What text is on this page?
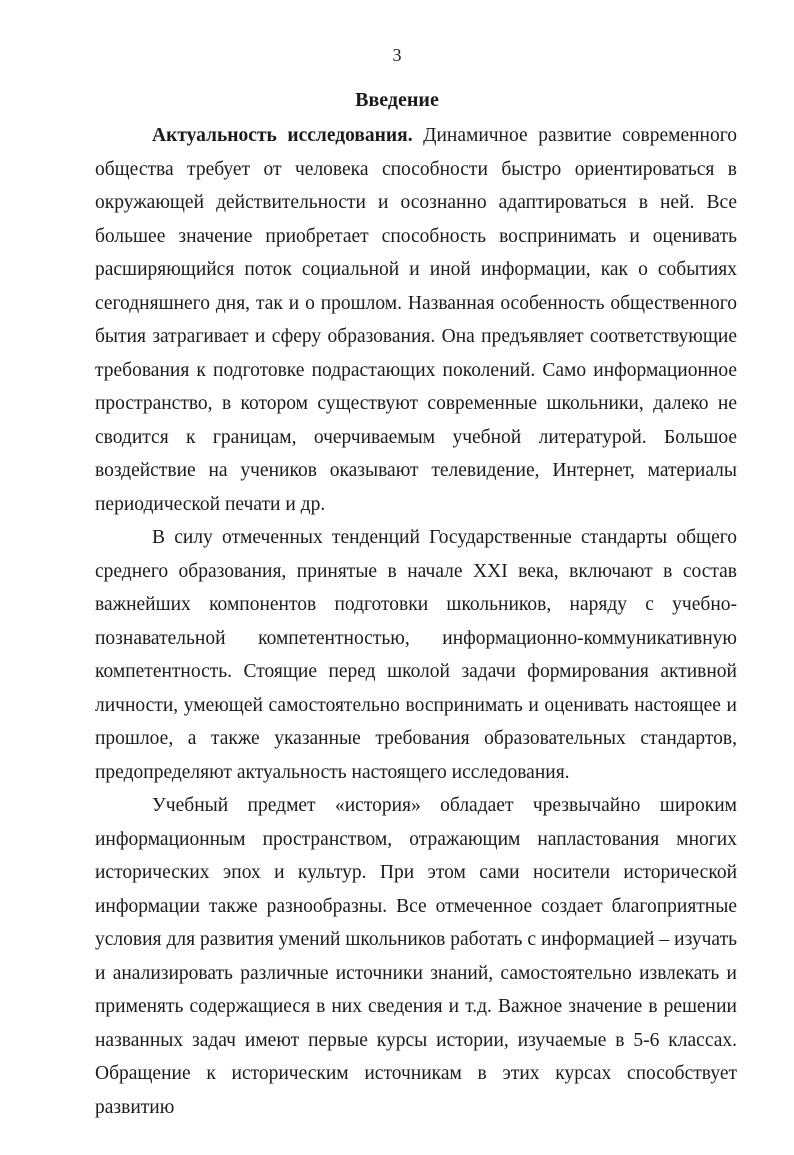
3
Введение

Актуальность исследования. Динамичное развитие современного общества требует от человека способности быстро ориентироваться в окружающей действительности и осознанно адаптироваться в ней. Все большее значение приобретает способность воспринимать и оценивать расширяющийся поток социальной и иной информации, как о событиях сегодняшнего дня, так и о прошлом. Названная особенность общественного бытия затрагивает и сферу образования. Она предъявляет соответствующие требования к подготовке подрастающих поколений. Само информационное пространство, в котором существуют современные школьники, далеко не сводится к границам, очерчиваемым учебной литературой. Большое воздействие на учеников оказывают телевидение, Интернет, материалы периодической печати и др.

В силу отмеченных тенденций Государственные стандарты общего среднего образования, принятые в начале XXI века, включают в состав важнейших компонентов подготовки школьников, наряду с учебно-познавательной компетентностью, информационно-коммуникативную компетентность. Стоящие перед школой задачи формирования активной личности, умеющей самостоятельно воспринимать и оценивать настоящее и прошлое, а также указанные требования образовательных стандартов, предопределяют актуальность настоящего исследования.

Учебный предмет «история» обладает чрезвычайно широким информационным пространством, отражающим напластования многих исторических эпох и культур. При этом сами носители исторической информации также разнообразны. Все отмеченное создает благоприятные условия для развития умений школьников работать с информацией – изучать и анализировать различные источники знаний, самостоятельно извлекать и применять содержащиеся в них сведения и т.д. Важное значение в решении названных задач имеют первые курсы истории, изучаемые в 5-6 классах. Обращение к историческим источникам в этих курсах способствует развитию
